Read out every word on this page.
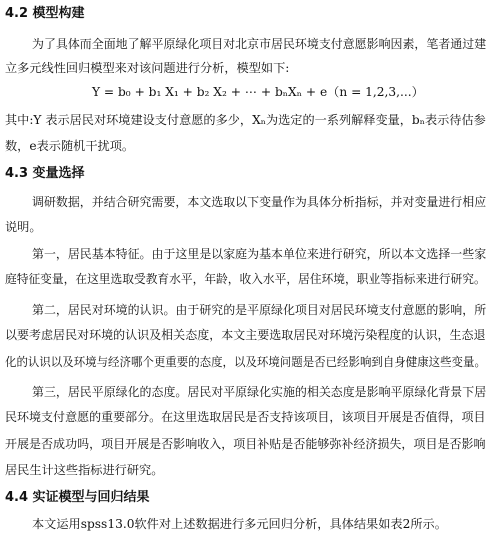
4.2 模型构建
为了具体而全面地了解平原绿化项目对北京市居民环境支付意愿影响因素，笔者通过建
立多元线性回归模型来对该问题进行分析，模型如下:
Y = b₀ + b₁ X₁ + b₂ X₂ + ⋯ + bₙXₙ + e（n = 1,2,3,...）
其中:Y 表示居民对环境建设支付意愿的多少，Xₙ为选定的一系列解释变量，bₙ表示待估参
数，e表示随机干扰项。
4.3 变量选择
调研数据，并结合研究需要，本文选取以下变量作为具体分析指标，并对变量进行相应
说明。
第一，居民基本特征。由于这里是以家庭为基本单位来进行研究，所以本文选择一些家
庭特征变量，在这里选取受教育水平，年龄，收入水平，居住环境，职业等指标来进行研究。
第二，居民对环境的认识。由于研究的是平原绿化项目对居民环境支付意愿的影响，所
以要考虑居民对环境的认识及相关态度，本文主要选取居民对环境污染程度的认识，生态退
化的认识以及环境与经济哪个更重要的态度，以及环境问题是否已经影响到自身健康这些变量。
第三，居民平原绿化的态度。居民对平原绿化实施的相关态度是影响平原绿化背景下居
民环境支付意愿的重要部分。在这里选取居民是否支持该项目，该项目开展是否值得，项目
开展是否成功吗，项目开展是否影响收入，项目补贴是否能够弥补经济损失，项目是否影响
居民生计这些指标进行研究。
4.4 实证模型与回归结果
本文运用spss13.0软件对上述数据进行多元回归分析，具体结果如表2所示。
